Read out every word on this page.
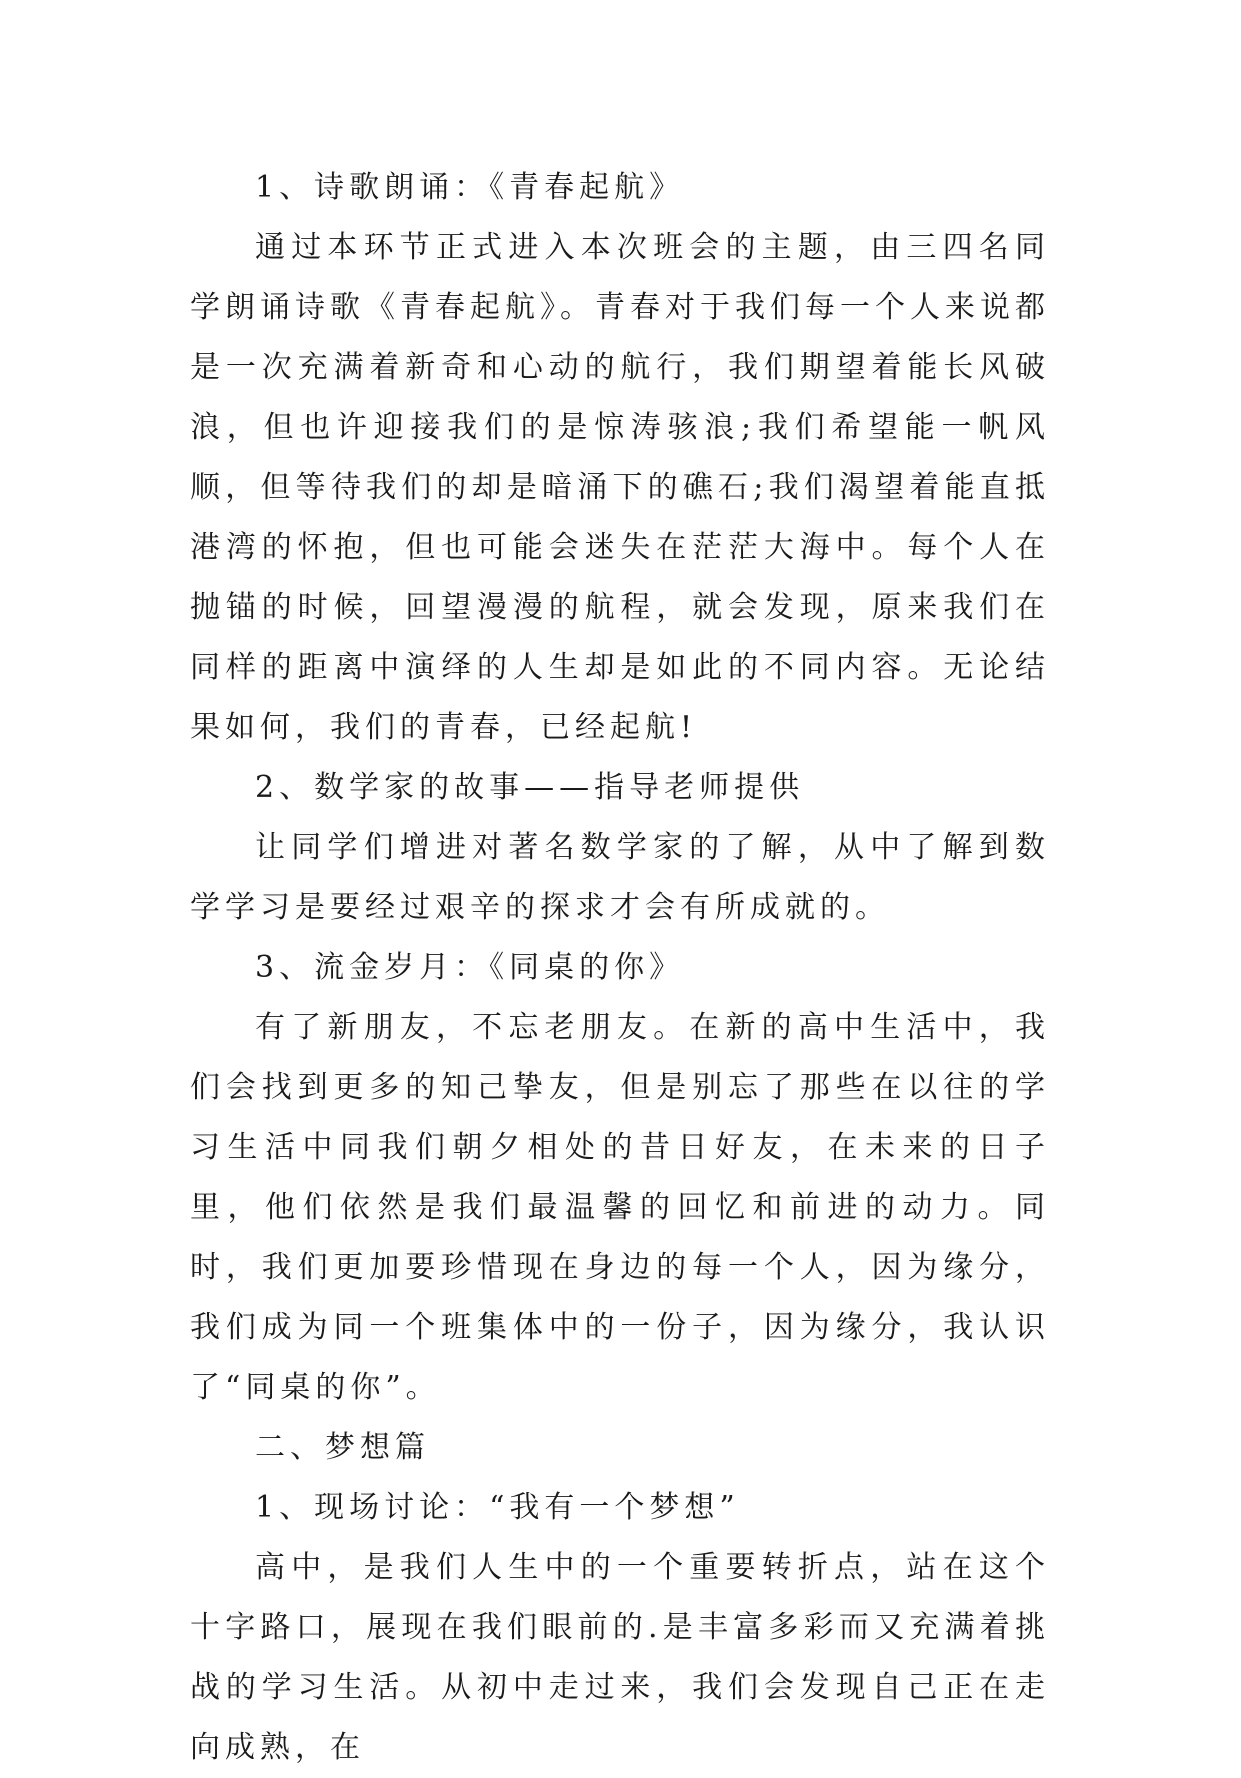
1、诗歌朗诵：《青春起航》

通过本环节正式进入本次班会的主题，由三四名同学朗诵诗歌《青春起航》。青春对于我们每一个人来说都是一次充满着新奇和心动的航行，我们期望着能长风破浪，但也许迎接我们的是惊涛骇浪;我们希望能一帆风顺，但等待我们的却是暗涌下的礁石;我们渴望着能直抵港湾的怀抱，但也可能会迷失在茫茫大海中。每个人在抛锚的时候，回望漫漫的航程，就会发现，原来我们在同样的距离中演绎的人生却是如此的不同内容。无论结果如何，我们的青春，已经起航!

2、数学家的故事——指导老师提供

让同学们增进对著名数学家的了解，从中了解到数学学习是要经过艰辛的探求才会有所成就的。

3、流金岁月：《同桌的你》

有了新朋友，不忘老朋友。在新的高中生活中，我们会找到更多的知己挚友，但是别忘了那些在以往的学习生活中同我们朝夕相处的昔日好友，在未来的日子里，他们依然是我们最温馨的回忆和前进的动力。同时，我们更加要珍惜现在身边的每一个人，因为缘分，我们成为同一个班集体中的一份子，因为缘分，我认识了“同桌的你”。

二、梦想篇

1、现场讨论：“我有一个梦想”

高中，是我们人生中的一个重要转折点，站在这个十字路口，展现在我们眼前的.是丰富多彩而又充满着挑战的学习生活。从初中走过来，我们会发现自己正在走向成熟，在
